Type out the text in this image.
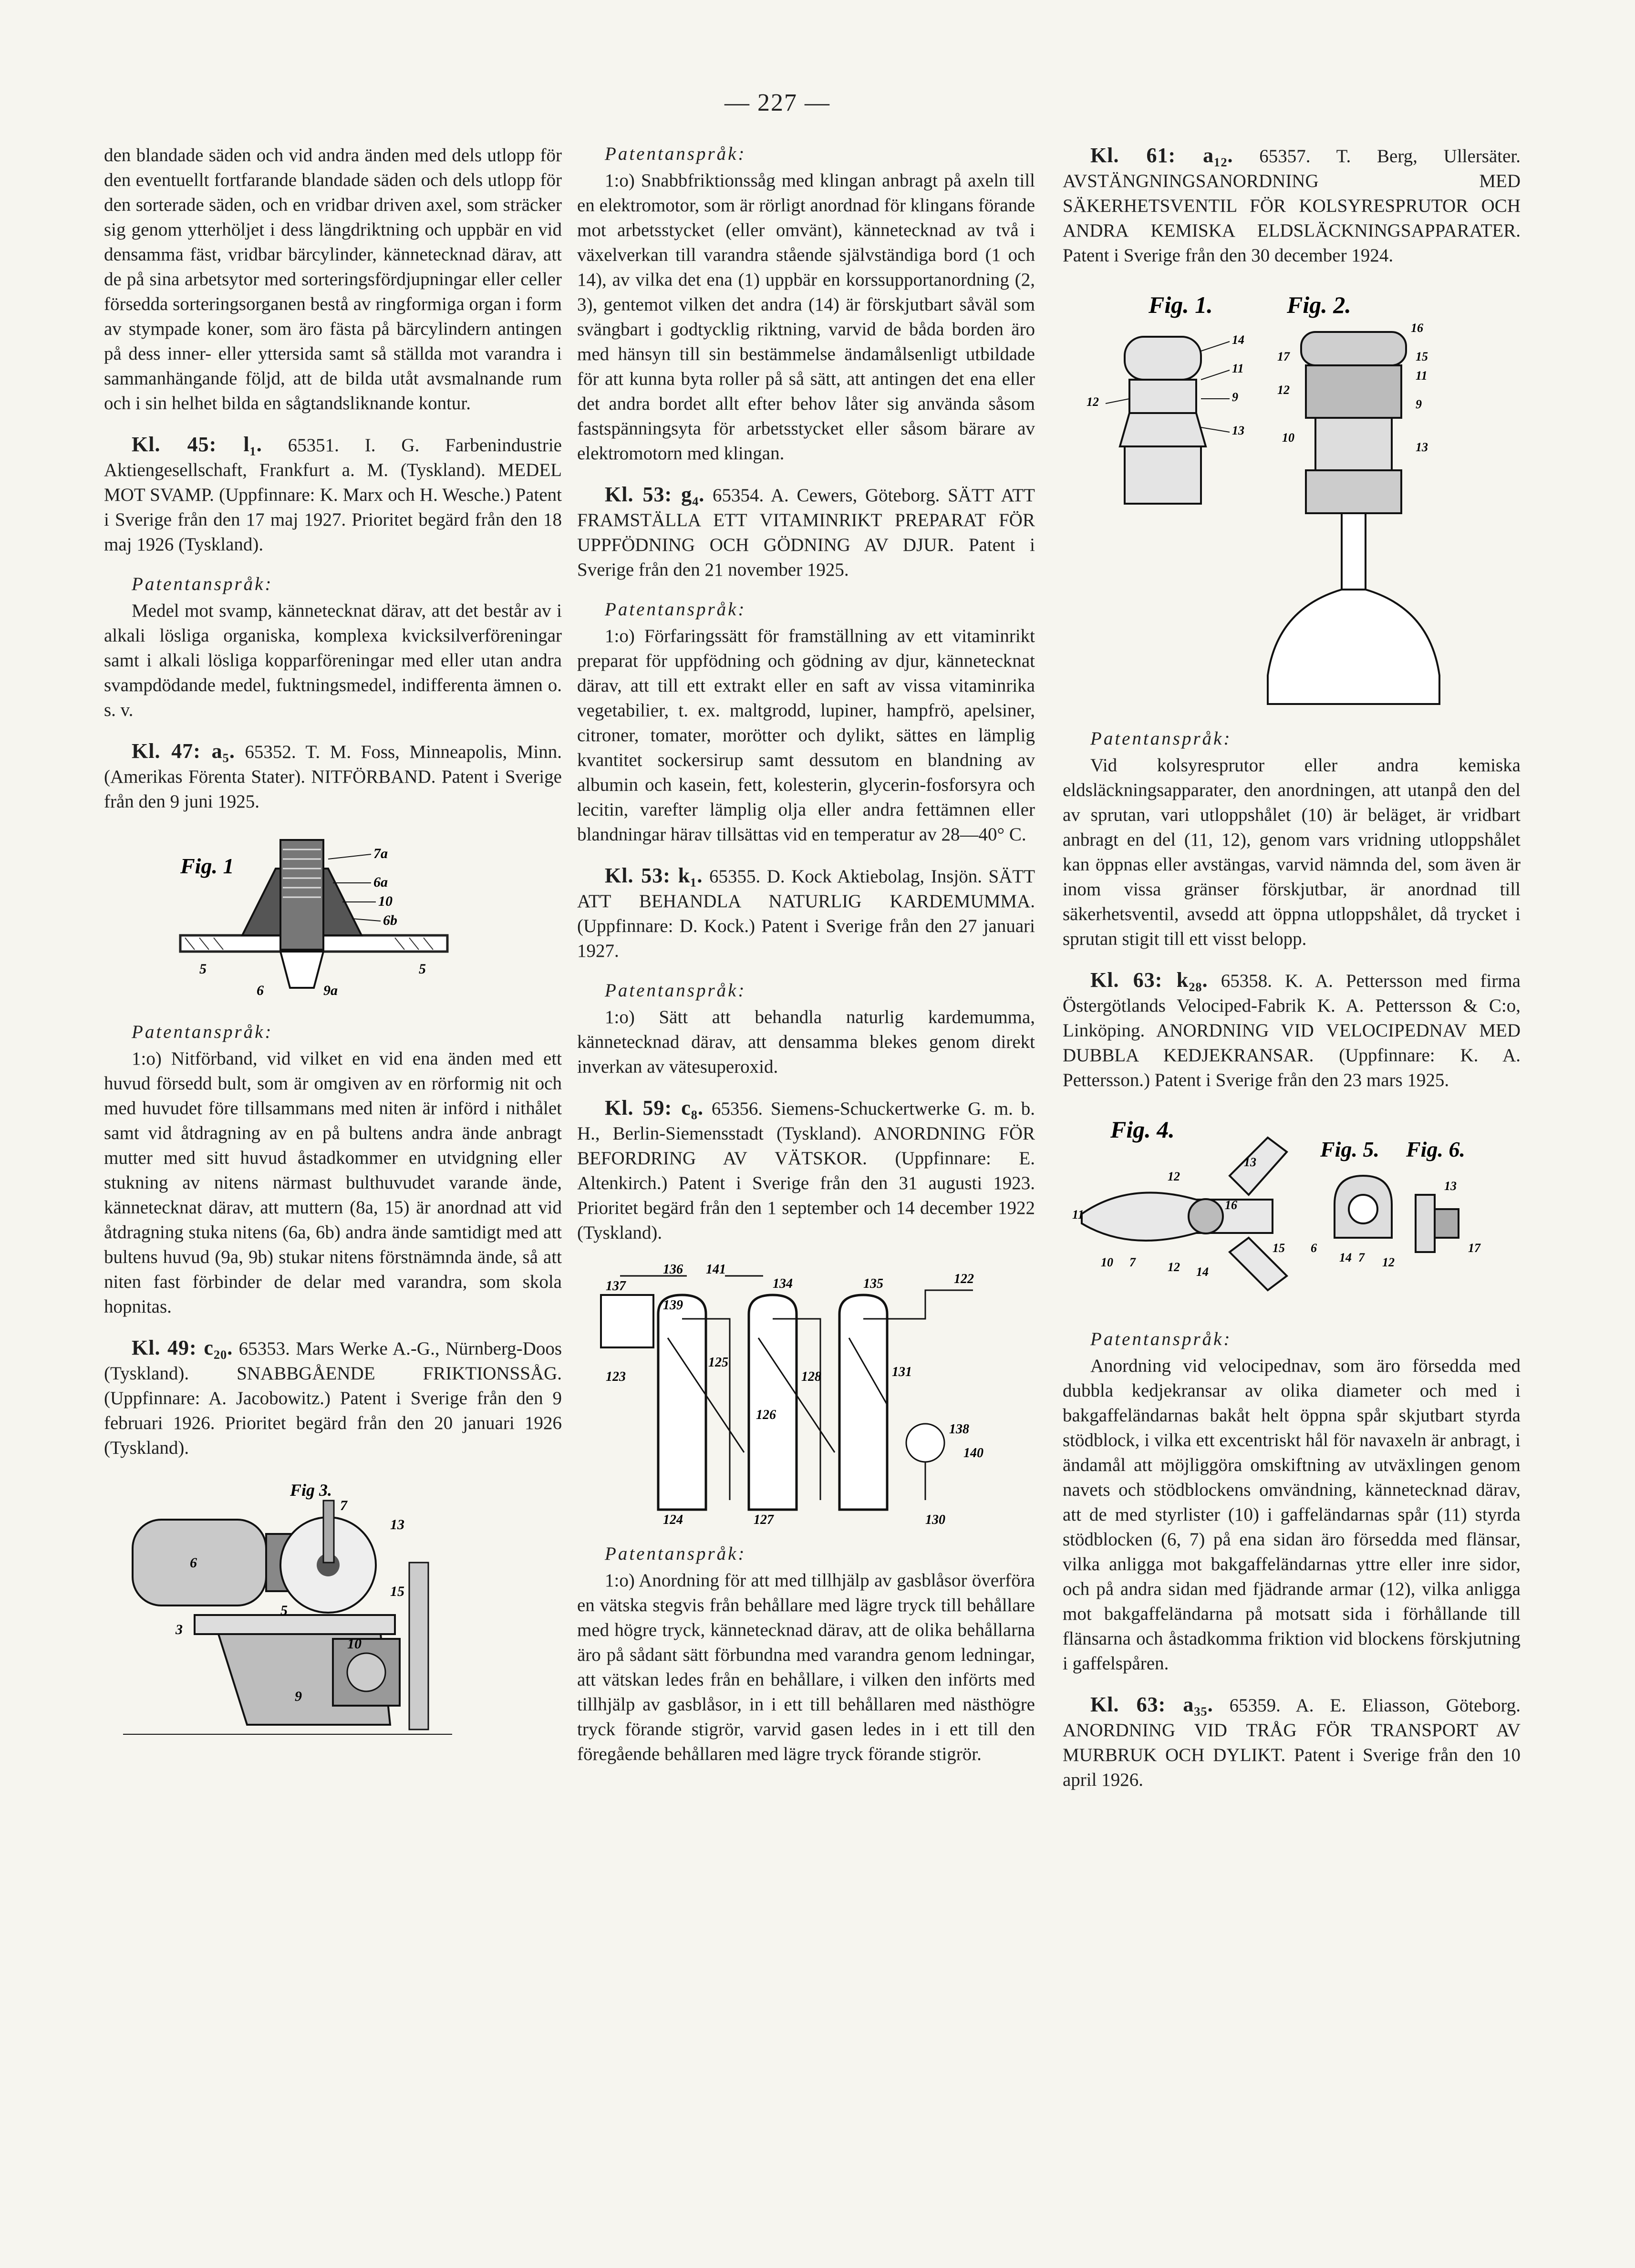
— 227 —

den blandade säden och vid andra änden med dels utlopp för den eventuellt fortfarande blandade säden och dels utlopp för den sorterade säden, och en vridbar driven axel, som sträcker sig genom ytterhöljet i dess längdriktning och uppbär en vid densamma fäst, vridbar bärcylinder, kännetecknad därav, att de på sina arbetsytor med sorteringsfördjupningar eller celler försedda sorteringsorganen bestå av ringformiga organ i form av stympade koner, som äro fästa på bärcylindern antingen på dess inner- eller yttersida samt så ställda mot varandra i sammanhängande följd, att de bilda utåt avsmalnande rum och i sin helhet bilda en sågtandsliknande kontur.

Kl. 45: l₁. 65351. I. G. Farbenindustrie Aktiengesellschaft, Frankfurt a. M. (Tyskland). MEDEL MOT SVAMP. (Uppfinnare: K. Marx och H. Wesche.) Patent i Sverige från den 17 maj 1927. Prioritet begärd från den 18 maj 1926 (Tyskland).

Patentanspråk:

Medel mot svamp, kännetecknat därav, att det består av i alkali lösliga organiska, komplexa kvicksilverföreningar samt i alkali lösliga kopparföreningar med eller utan andra svampdödande medel, fuktningsmedel, indifferenta ämnen o. s. v.

Kl. 47: a₅. 65352. T. M. Foss, Minneapolis, Minn. (Amerikas Förenta Stater). NITFÖRBAND. Patent i Sverige från den 9 juni 1925.

Fig. 1
7a
6a
10
6b
5
6	9a
5

Patentanspråk:

1:o) Nitförband, vid vilket en vid ena änden med ett huvud försedd bult, som är omgiven av en rörformig nit och med huvudet före tillsammans med niten är införd i nithålet samt vid åtdragning av en på bultens andra ände anbragt mutter med sitt huvud åstadkommer en utvidgning eller stukning av nitens närmast bulthuvudet varande ände, kännetecknat därav, att muttern (8a, 15) är anordnad att vid åtdragning stuka nitens (6a, 6b) andra ände samtidigt med att bultens huvud (9a, 9b) stukar nitens förstnämnda ände, så att niten fast förbinder de delar med varandra, som skola hopnitas.

Kl. 49: c₂₀. 65353. Mars Werke A.-G., Nürnberg-Doos (Tyskland). SNABBGÅENDE FRIKTIONSSÅG. (Uppfinnare: A. Jacobowitz.) Patent i Sverige från den 9 februari 1926. Prioritet begärd från den 20 januari 1926 (Tyskland).

Fig 3.
6
7
13
5
15
3
10
9

Patentanspråk:

1:o) Snabbfriktionssåg med klingan anbragt på axeln till en elektromotor, som är rörligt anordnad för klingans förande mot arbetsstycket (eller omvänt), kännetecknad av två i växelverkan till varandra stående självständiga bord (1 och 14), av vilka det ena (1) uppbär en korssupportanordning (2, 3), gentemot vilken det andra (14) är förskjutbart såväl som svängbart i godtycklig riktning, varvid de båda borden äro med hänsyn till sin bestämmelse ändamålsenligt utbildade för att kunna byta roller på så sätt, att antingen det ena eller det andra bordet allt efter behov låter sig använda såsom fastspänningsyta för arbetsstycket eller såsom bärare av elektromotorn med klingan.

Kl. 53: g₄. 65354. A. Cewers, Göteborg. SÄTT ATT FRAMSTÄLLA ETT VITAMINRIKT PREPARAT FÖR UPPFÖDNING OCH GÖDNING AV DJUR. Patent i Sverige från den 21 november 1925.

Patentanspråk:

1:o) Förfaringssätt för framställning av ett vitaminrikt preparat för uppfödning och gödning av djur, kännetecknat därav, att till ett extrakt eller en saft av vissa vitaminrika vegetabilier, t. ex. maltgrodd, lupiner, hampfrö, apelsiner, citroner, tomater, morötter och dylikt, sättes en lämplig kvantitet sockersirup samt dessutom en blandning av albumin och kasein, fett, kolesterin, glycerin-fosforsyra och lecitin, varefter lämplig olja eller andra fettämnen eller blandningar härav tillsättas vid en temperatur av 28—40° C.

Kl. 53: k₁. 65355. D. Kock Aktiebolag, Insjön. SÄTT ATT BEHANDLA NATURLIG KARDEMUMMA. (Uppfinnare: D. Kock.) Patent i Sverige från den 27 januari 1927.

Patentanspråk:

1:o) Sätt att behandla naturlig kardemumma, kännetecknad därav, att densamma blekes genom direkt inverkan av vätesuperoxid.

Kl. 59: c₈. 65356. Siemens-Schuckertwerke G. m. b. H., Berlin-Siemensstadt (Tyskland). ANORDNING FÖR BEFORDRING AV VÄTSKOR. (Uppfinnare: E. Altenkirch.) Patent i Sverige från den 31 augusti 1923. Prioritet begärd från den 1 september och 14 december 1922 (Tyskland).

136 141
137
139
134	135	122
125
128	131
123
126
138
140
124	127	130

Patentanspråk:

1:o) Anordning för att med tillhjälp av gasblåsor överföra en vätska stegvis från behållare med lägre tryck till behållare med högre tryck, kännetecknad därav, att de olika behållarna äro på sådant sätt förbundna med varandra genom ledningar, att vätskan ledes från en behållare, i vilken den införts med tillhjälp av gasblåsor, in i ett till behållaren med nästhögre tryck förande stigrör, varvid gasen ledes in i ett till den föregående behållaren med lägre tryck förande stigrör.

Kl. 61: a₁₂. 65357. T. Berg, Ullersäter. AVSTÄNGNINGSANORDNING MED SÄKERHETSVENTIL FÖR KOLSYRESPRUTOR OCH ANDRA KEMISKA ELDSLÄCKNINGSAPPARATER. Patent i Sverige från den 30 december 1924.

Fig. 1.	Fig. 2.
14
11
12	9
13
16
17	15
11
12
9
10
13

Patentanspråk:

Vid kolsyresprutor eller andra kemiska eldsläckningsapparater, den anordningen, att utanpå den del av sprutan, vari utloppshålet (10) är beläget, är vridbart anbragt en del (11, 12), genom vars vridning utloppshålet kan öppnas eller avstängas, varvid nämnda del, som även är inom vissa gränser förskjutbar, är anordnad till säkerhetsventil, avsedd att öppna utloppshålet, då trycket i sprutan stigit till ett visst belopp.

Kl. 63: k₂₈. 65358. K. A. Pettersson med firma Östergötlands Velociped-Fabrik K. A. Pettersson & C:o, Linköping. ANORDNING VID VELOCIPEDNAV MED DUBBLA KEDJEKRANSAR. (Uppfinnare: K. A. Pettersson.) Patent i Sverige från den 23 mars 1925.

Fig. 4.
Fig. 5. Fig. 6.
12
13
16
11
10 7	12 14
15 6
14 7 12
13
17

Patentanspråk:

Anordning vid velocipednav, som äro försedda med dubbla kedjekransar av olika diameter och med i bakgaffeländarnas bakåt helt öppna spår skjutbart styrda stödblock, i vilka ett excentriskt hål för navaxeln är anbragt, i ändamål att möjliggöra omskiftning av utväxlingen genom navets och stödblockens omvändning, kännetecknad därav, att de med styrlister (10) i gaffeländarnas spår (11) styrda stödblocken (6, 7) på ena sidan äro försedda med flänsar, vilka anligga mot bakgaffeländarnas yttre eller inre sidor, och på andra sidan med fjädrande armar (12), vilka anligga mot bakgaffeländarna på motsatt sida i förhållande till flänsarna och åstadkomma friktion vid blockens förskjutning i gaffelspåren.

Kl. 63: a₃₅. 65359. A. E. Eliasson, Göteborg. ANORDNING VID TRÅG FÖR TRANSPORT AV MURBRUK OCH DYLIKT. Patent i Sverige från den 10 april 1926.
